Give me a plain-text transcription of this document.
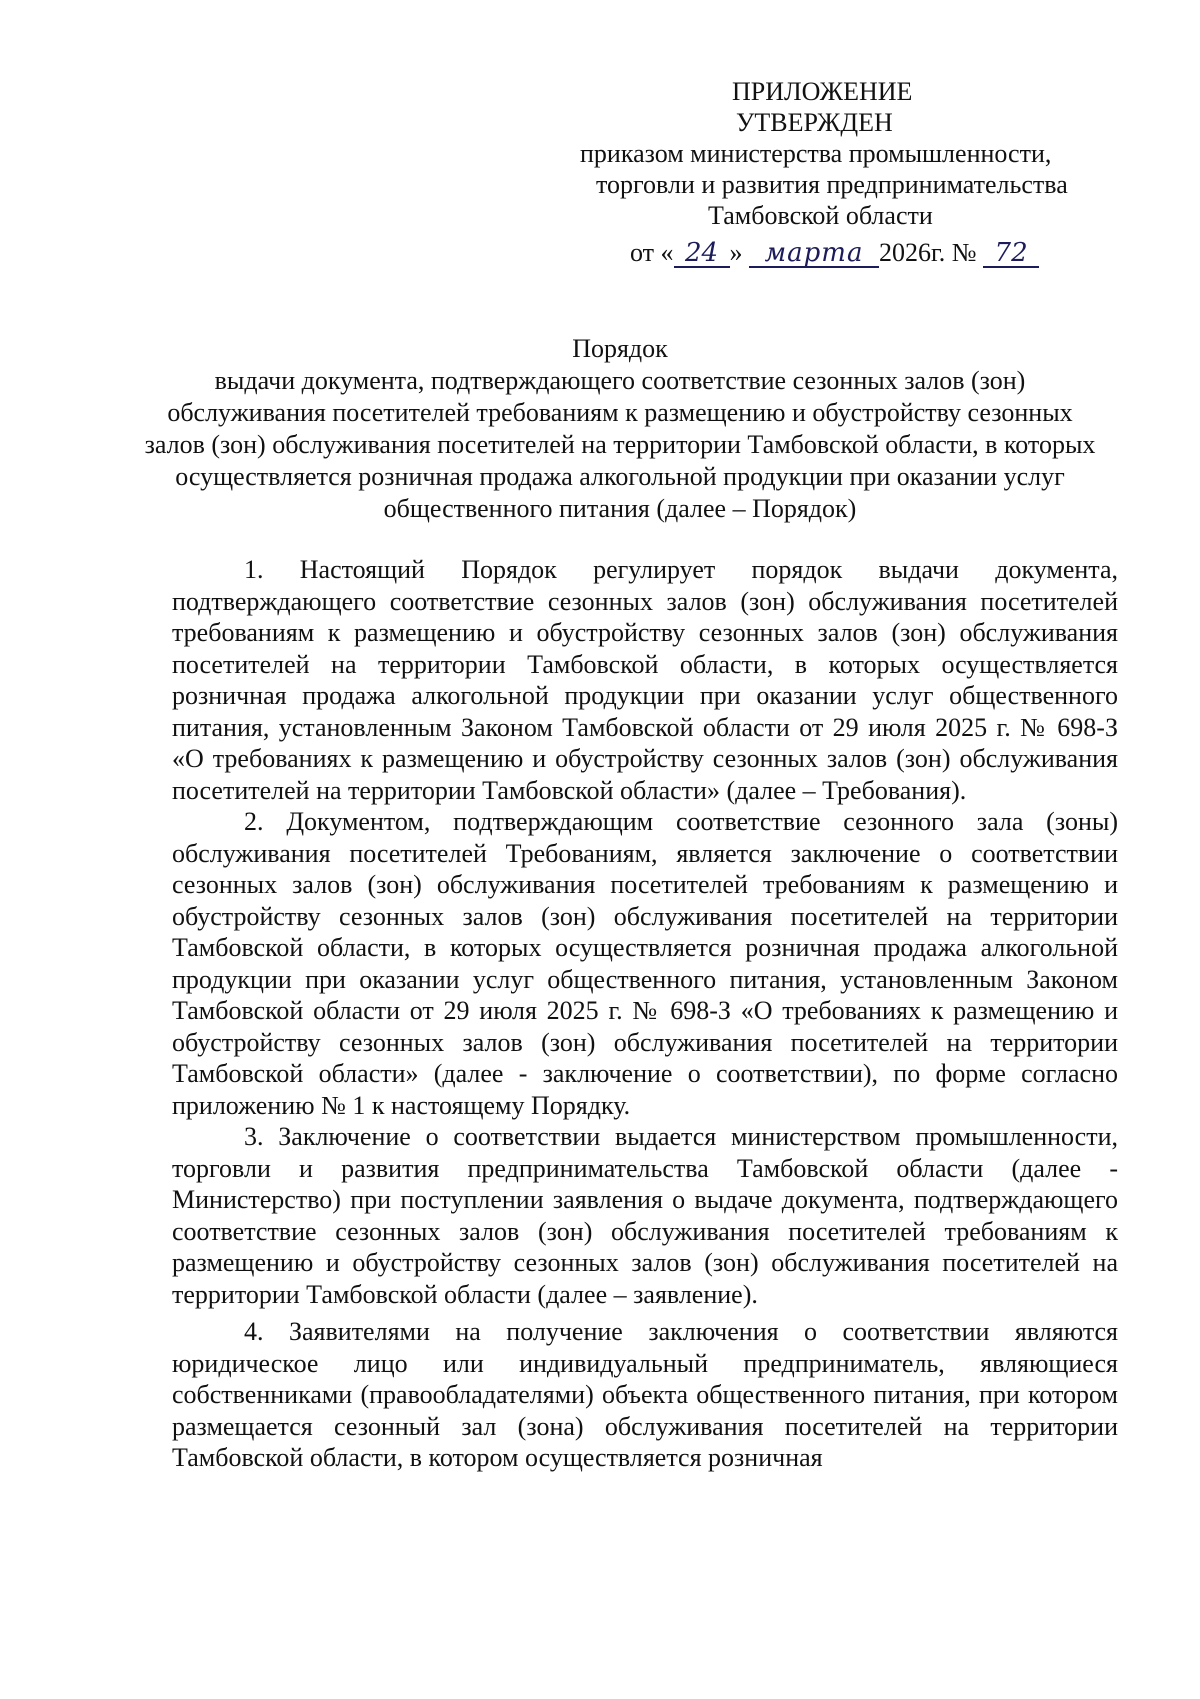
ПРИЛОЖЕНИЕ
УТВЕРЖДЕН
приказом министерства промышленности,
торговли и развития предпринимательства
Тамбовской области
от « 24 » марта 2026г. № 72
Порядок
выдачи документа, подтверждающего соответствие сезонных залов (зон) обслуживания посетителей требованиям к размещению и обустройству сезонных залов (зон) обслуживания посетителей на территории Тамбовской области, в которых осуществляется розничная продажа алкогольной продукции при оказании услуг общественного питания (далее – Порядок)

1. Настоящий Порядок регулирует порядок выдачи документа, подтверждающего соответствие сезонных залов (зон) обслуживания посетителей требованиям к размещению и обустройству сезонных залов (зон) обслуживания посетителей на территории Тамбовской области, в которых осуществляется розничная продажа алкогольной продукции при оказании услуг общественного питания, установленным Законом Тамбовской области от 29 июля 2025 г. № 698-З «О требованиях к размещению и обустройству сезонных залов (зон) обслуживания посетителей на территории Тамбовской области» (далее – Требования).

2. Документом, подтверждающим соответствие сезонного зала (зоны) обслуживания посетителей Требованиям, является заключение о соответствии сезонных залов (зон) обслуживания посетителей требованиям к размещению и обустройству сезонных залов (зон) обслуживания посетителей на территории Тамбовской области, в которых осуществляется розничная продажа алкогольной продукции при оказании услуг общественного питания, установленным Законом Тамбовской области от 29 июля 2025 г. № 698-З «О требованиях к размещению и обустройству сезонных залов (зон) обслуживания посетителей на территории Тамбовской области» (далее - заключение о соответствии), по форме согласно приложению № 1 к настоящему Порядку.

3. Заключение о соответствии выдается министерством промышленности, торговли и развития предпринимательства Тамбовской области (далее - Министерство) при поступлении заявления о выдаче документа, подтверждающего соответствие сезонных залов (зон) обслуживания посетителей требованиям к размещению и обустройству сезонных залов (зон) обслуживания посетителей на территории Тамбовской области (далее – заявление).

4. Заявителями на получение заключения о соответствии являются юридическое лицо или индивидуальный предприниматель, являющиеся собственниками (правообладателями) объекта общественного питания, при котором размещается сезонный зал (зона) обслуживания посетителей на территории Тамбовской области, в котором осуществляется розничная
